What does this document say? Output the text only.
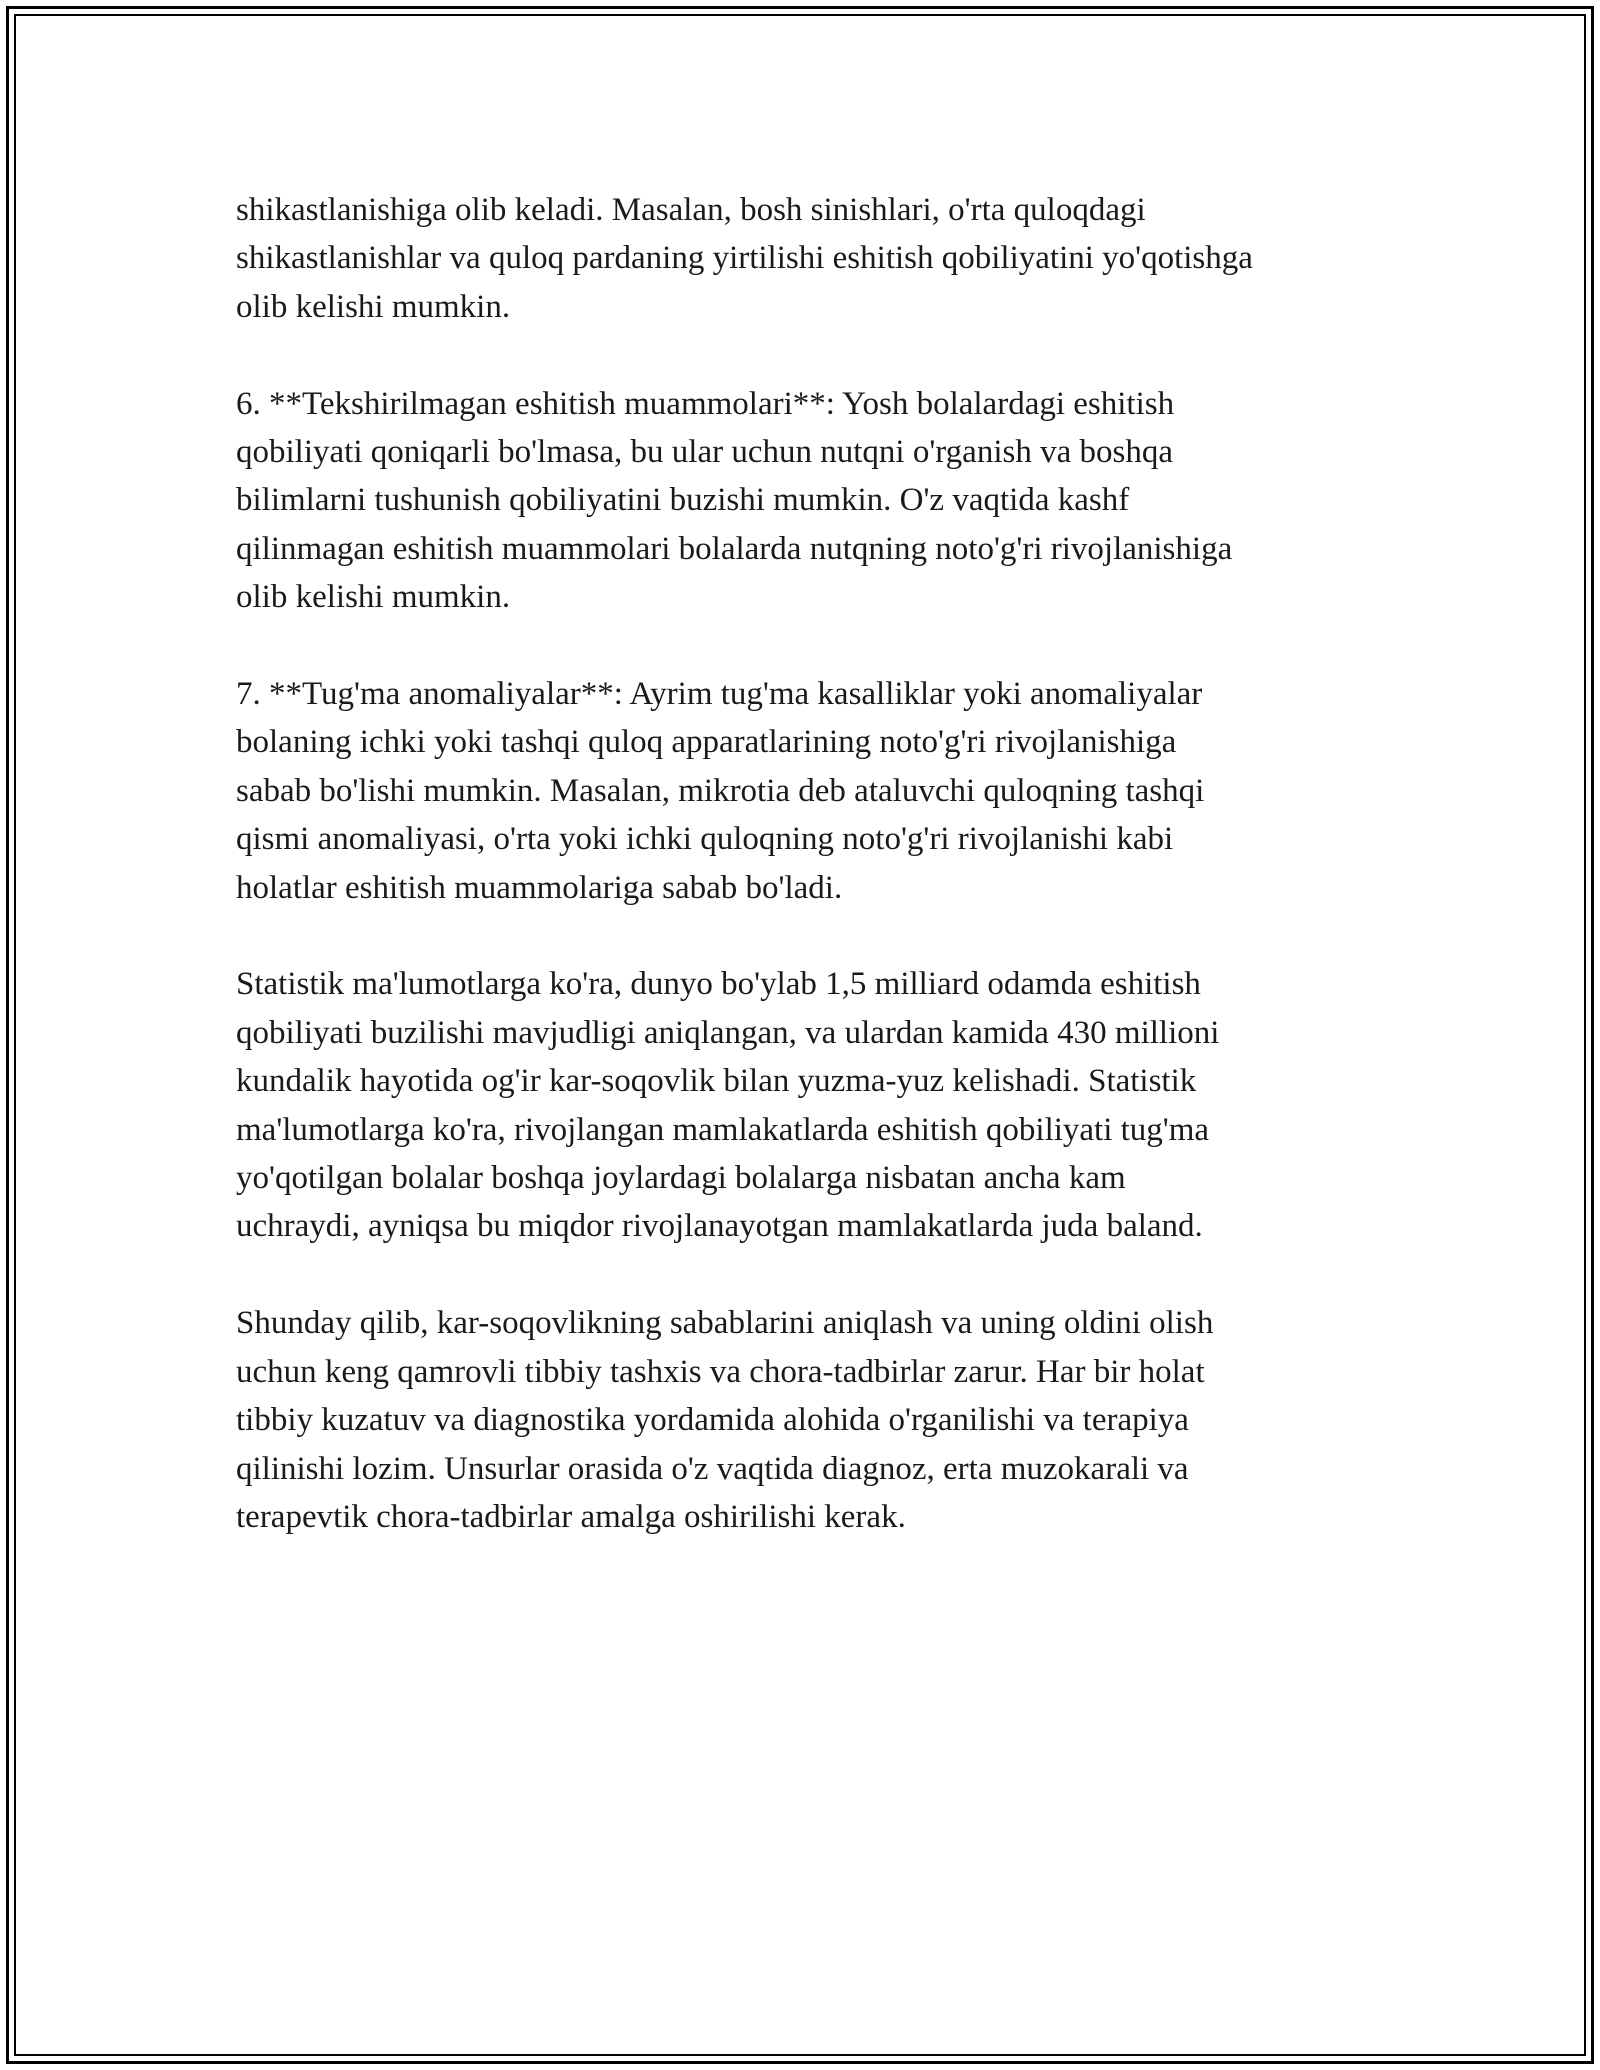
shikastlanishiga olib keladi. Masalan, bosh sinishlari, o'rta quloqdagi
shikastlanishlar va quloq pardaning yirtilishi eshitish qobiliyatini yo'qotishga
olib kelishi mumkin.

6. **Tekshirilmagan eshitish muammolari**: Yosh bolalardagi eshitish
qobiliyati qoniqarli bo'lmasa, bu ular uchun nutqni o'rganish va boshqa
bilimlarni tushunish qobiliyatini buzishi mumkin. O'z vaqtida kashf
qilinmagan eshitish muammolari bolalarda nutqning noto'g'ri rivojlanishiga
olib kelishi mumkin.

7. **Tug'ma anomaliyalar**: Ayrim tug'ma kasalliklar yoki anomaliyalar
bolaning ichki yoki tashqi quloq apparatlarining noto'g'ri rivojlanishiga
sabab bo'lishi mumkin. Masalan, mikrotia deb ataluvchi quloqning tashqi
qismi anomaliyasi, o'rta yoki ichki quloqning noto'g'ri rivojlanishi kabi
holatlar eshitish muammolariga sabab bo'ladi.

Statistik ma'lumotlarga ko'ra, dunyo bo'ylab 1,5 milliard odamda eshitish
qobiliyati buzilishi mavjudligi aniqlangan, va ulardan kamida 430 millioni
kundalik hayotida og'ir kar-soqovlik bilan yuzma-yuz kelishadi. Statistik
ma'lumotlarga ko'ra, rivojlangan mamlakatlarda eshitish qobiliyati tug'ma
yo'qotilgan bolalar boshqa joylardagi bolalarga nisbatan ancha kam
uchraydi, ayniqsa bu miqdor rivojlanayotgan mamlakatlarda juda baland.

Shunday qilib, kar-soqovlikning sabablarini aniqlash va uning oldini olish
uchun keng qamrovli tibbiy tashxis va chora-tadbirlar zarur. Har bir holat
tibbiy kuzatuv va diagnostika yordamida alohida o'rganilishi va terapiya
qilinishi lozim. Unsurlar orasida o'z vaqtida diagnoz, erta muzokarali va
terapevtik chora-tadbirlar amalga oshirilishi kerak.
